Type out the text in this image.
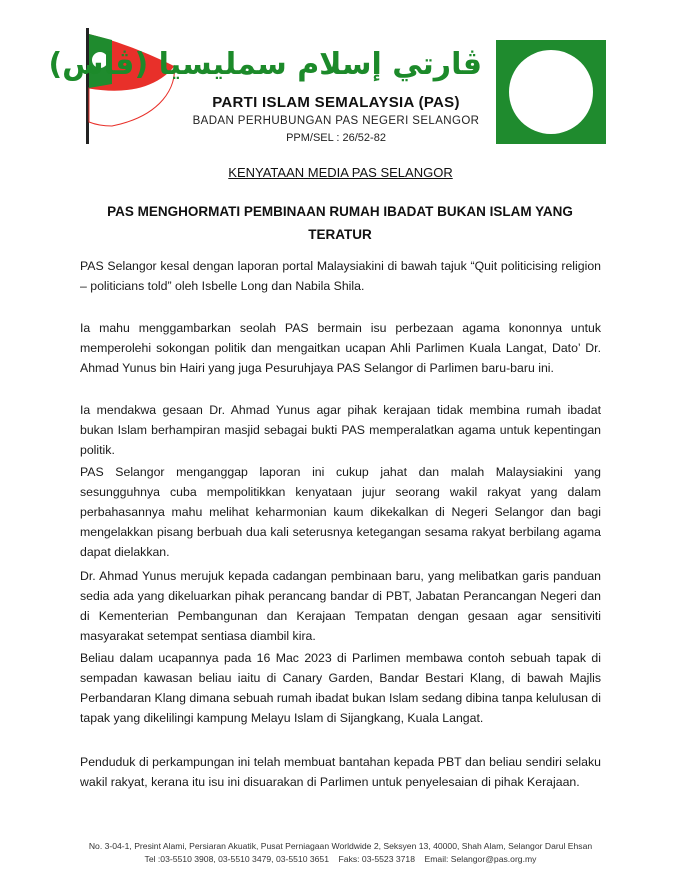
ڤارتي إسلام سمليسيا (ڤاس)
PARTI ISLAM SEMALAYSIA (PAS)
BADAN PERHUBUNGAN PAS NEGERI SELANGOR
PPM/SEL : 26/52-82
KENYATAAN MEDIA PAS SELANGOR
PAS MENGHORMATI PEMBINAAN RUMAH IBADAT BUKAN ISLAM YANG
TERATUR

PAS Selangor kesal dengan laporan portal Malaysiakini di bawah tajuk “Quit politicising religion – politicians told” oleh Isbelle Long dan Nabila Shila.

Ia mahu menggambarkan seolah PAS bermain isu perbezaan agama kononnya untuk memperolehi sokongan politik dan mengaitkan ucapan Ahli Parlimen Kuala Langat, Dato’ Dr. Ahmad Yunus bin Hairi yang juga Pesuruhjaya PAS Selangor di Parlimen baru-baru ini.

Ia mendakwa gesaan Dr. Ahmad Yunus agar pihak kerajaan tidak membina rumah ibadat bukan Islam berhampiran masjid sebagai bukti PAS memperalatkan agama untuk kepentingan politik.

PAS Selangor menganggap laporan ini cukup jahat dan malah Malaysiakini yang sesungguhnya cuba mempolitikkan kenyataan jujur seorang wakil rakyat yang dalam perbahasannya mahu melihat keharmonian kaum dikekalkan di Negeri Selangor dan bagi mengelakkan pisang berbuah dua kali seterusnya ketegangan sesama rakyat berbilang agama dapat dielakkan.

Dr. Ahmad Yunus merujuk kepada cadangan pembinaan baru, yang melibatkan garis panduan sedia ada yang dikeluarkan pihak perancang bandar di PBT, Jabatan Perancangan Negeri dan di Kementerian Pembangunan dan Kerajaan Tempatan dengan gesaan agar sensitiviti masyarakat setempat sentiasa diambil kira.

Beliau dalam ucapannya pada 16 Mac 2023 di Parlimen membawa contoh sebuah tapak di sempadan kawasan beliau iaitu di Canary Garden, Bandar Bestari Klang, di bawah Majlis Perbandaran Klang dimana sebuah rumah ibadat bukan Islam sedang dibina tanpa kelulusan di tapak yang dikelilingi kampung Melayu Islam di Sijangkang, Kuala Langat.

Penduduk di perkampungan ini telah membuat bantahan kepada PBT dan beliau sendiri selaku wakil rakyat, kerana itu isu ini disuarakan di Parlimen untuk penyelesaian di pihak Kerajaan.

No. 3-04-1, Presint Alami, Persiaran Akuatik, Pusat Perniagaan Worldwide 2, Seksyen 13, 40000, Shah Alam, Selangor Darul Ehsan
Tel :03-5510 3908, 03-5510 3479, 03-5510 3651    Faks: 03-5523 3718    Email: Selangor@pas.org.my
